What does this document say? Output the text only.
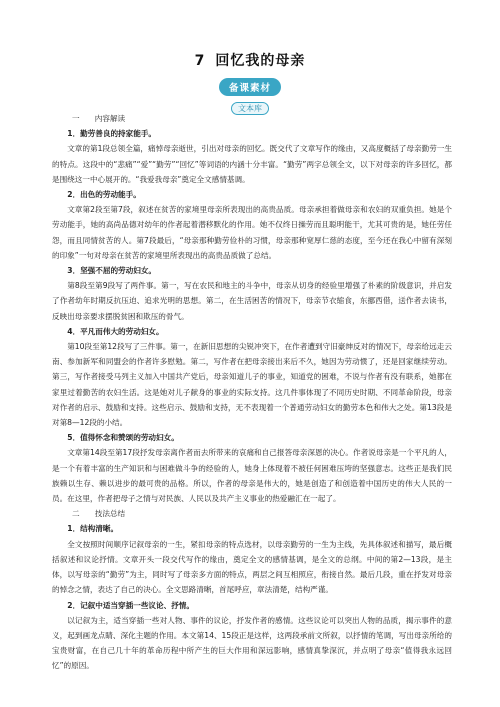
7 回忆我的母亲
备课素材
文本库

一　　内容解读

1．勤劳善良的持家能手。

文章的第1段总领全篇，痛悼母亲逝世，引出对母亲的回忆。既交代了文章写作的缘由，又高度概括了母亲勤劳一生的特点。这段中的“悲痛”“爱”“勤劳”“回忆”等词语的内涵十分丰富。“勤劳”两字总领全文，以下对母亲的许多回忆，都是围绕这一中心展开的。“我爱我母亲”奠定全文感情基调。

2．出色的劳动能手。

文章第2段至第7段，叙述在贫苦的家境里母亲所表现出的高贵品质。母亲承担着做母亲和农妇的双重负担。她是个劳动能手，她的高尚品德对幼年的作者起着潜移默化的作用。她不仅终日操劳而且聪明能干，尤其可贵的是，她任劳任怨，而且同情贫苦的人。第7段最后，“母亲那种勤劳俭朴的习惯，母亲那种宽厚仁慈的态度，至今还在我心中留有深刻的印象”一句对母亲在贫苦的家境里所表现出的高贵品质做了总结。

3．坚强不屈的劳动妇女。

第8段至第9段写了两件事。第一，写在农民和地主的斗争中，母亲从切身的经验里增强了朴素的阶级意识，并启发了作者幼年时期反抗压迫、追求光明的思想。第二，在生活困苦的情况下，母亲节衣缩食，东挪西借，送作者去读书，反映出母亲要求摆脱贫困和欺压的骨气。

4．平凡而伟大的劳动妇女。

第10段至第12段写了三件事。第一，在新旧思想的尖锐冲突下，在作者遭到守旧豪绅反对的情况下，母亲给远走云南、参加新军和同盟会的作者许多慰勉。第二，写作者在把母亲接出来后不久，她因为劳动惯了，还是回家继续劳动。第三，写作者接受马列主义加入中国共产党后，母亲知道儿子的事业，知道党的困难，不说与作者有没有联系，她都在家里过着勤苦的农妇生活。这是她对儿子献身的事业的实际支持。这几件事体现了不同历史时期、不同革命阶段，母亲对作者的启示、鼓励和支持。这些启示、鼓励和支持，无不表现着一个普通劳动妇女的勤劳本色和伟大之处。第13段是对第8—12段的小结。

5．值得怀念和赞颂的劳动妇女。

文章第14段至第17段抒发母亲离作者而去所带来的哀痛和自己报答母亲深恩的决心。作者说母亲是一个平凡的人，是一个有着丰富的生产知识和与困难做斗争的经验的人，她身上体现着不被任何困难压垮的坚强意志。这些正是我们民族赖以生存、赖以进步的最可贵的品格。所以，作者的母亲是伟大的，她是创造了和创造着中国历史的伟大人民的一员。在这里，作者把母子之情与对民族、人民以及共产主义事业的热爱融汇在一起了。

二　　技法总结

1．结构清晰。

全文按照时间顺序记叙母亲的一生，紧扣母亲的特点选材，以母亲勤劳的一生为主线，先具体叙述和描写，最后概括叙述和议论抒情。文章开头一段交代写作的缘由，奠定全文的感情基调，是全文的总纲。中间的第2—13段，是主体，以写母亲的“勤劳”为主，同时写了母亲多方面的特点，两层之间互相照应，衔接自然。最后几段，重在抒发对母亲的悼念之情，表达了自己的决心。全文思路清晰，首尾呼应，章法清楚，结构严谨。

2．记叙中适当穿插一些议论、抒情。

以记叙为主，适当穿插一些对人物、事件的议论，抒发作者的感情。这些议论可以突出人物的品质，揭示事件的意义，起到画龙点睛、深化主题的作用。本文第14、15段正是这样，这两段承前文所叙，以抒情的笔调，写出母亲所给的宝贵财富，在自己几十年的革命历程中所产生的巨大作用和深远影响，感情真挚深沉，并点明了母亲“值得我永远回忆”的原因。
